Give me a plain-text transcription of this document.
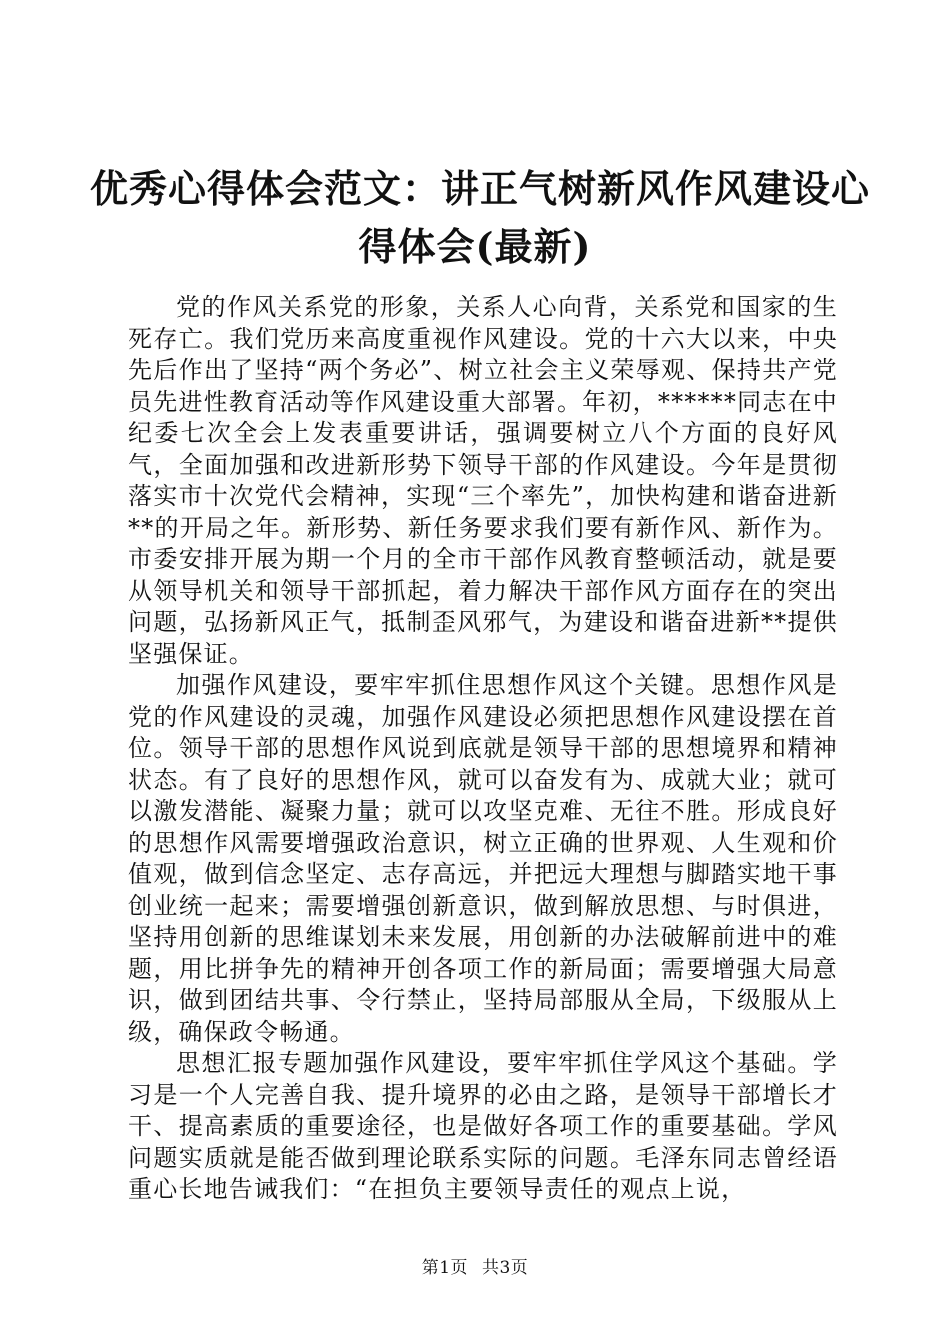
优秀心得体会范文：讲正气树新风作风建设心
得体会(最新)

党的作风关系党的形象，关系人心向背，关系党和国家的生死存亡。我们党历来高度重视作风建设。党的十六大以来，中央先后作出了坚持“两个务必”、树立社会主义荣辱观、保持共产党员先进性教育活动等作风建设重大部署。年初，******同志在中纪委七次全会上发表重要讲话，强调要树立八个方面的良好风气，全面加强和改进新形势下领导干部的作风建设。今年是贯彻落实市十次党代会精神，实现“三个率先”，加快构建和谐奋进新**的开局之年。新形势、新任务要求我们要有新作风、新作为。市委安排开展为期一个月的全市干部作风教育整顿活动，就是要从领导机关和领导干部抓起，着力解决干部作风方面存在的突出问题，弘扬新风正气，抵制歪风邪气，为建设和谐奋进新**提供坚强保证。

加强作风建设，要牢牢抓住思想作风这个关键。思想作风是党的作风建设的灵魂，加强作风建设必须把思想作风建设摆在首位。领导干部的思想作风说到底就是领导干部的思想境界和精神状态。有了良好的思想作风，就可以奋发有为、成就大业；就可以激发潜能、凝聚力量；就可以攻坚克难、无往不胜。形成良好的思想作风需要增强政治意识，树立正确的世界观、人生观和价值观，做到信念坚定、志存高远，并把远大理想与脚踏实地干事创业统一起来；需要增强创新意识，做到解放思想、与时俱进，坚持用创新的思维谋划未来发展，用创新的办法破解前进中的难题，用比拼争先的精神开创各项工作的新局面；需要增强大局意识，做到团结共事、令行禁止，坚持局部服从全局，下级服从上级，确保政令畅通。

思想汇报专题加强作风建设，要牢牢抓住学风这个基础。学习是一个人完善自我、提升境界的必由之路，是领导干部增长才干、提高素质的重要途径，也是做好各项工作的重要基础。学风问题实质就是能否做到理论联系实际的问题。毛泽东同志曾经语重心长地告诫我们：“在担负主要领导责任的观点上说，

第1页 共3页
